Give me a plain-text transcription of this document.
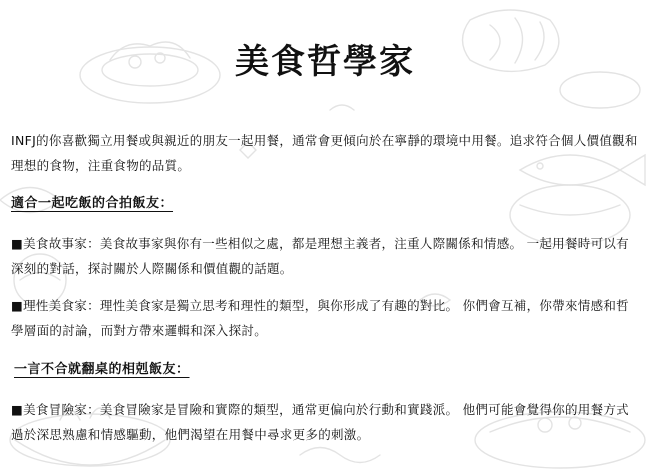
美食哲學家

INFJ的你喜歡獨立用餐或與親近的朋友一起用餐，通常會更傾向於在寧靜的環境中用餐。追求符合個人價值觀和理想的食物，注重食物的品質。

適合一起吃飯的合拍飯友：

■美食故事家：美食故事家與你有一些相似之處，都是理想主義者，注重人際關係和情感。 一起用餐時可以有深刻的對話，探討關於人際關係和價值觀的話題。

■理性美食家：理性美食家是獨立思考和理性的類型，與你形成了有趣的對比。 你們會互補，你帶來情感和哲學層面的討論，而對方帶來邏輯和深入探討。

一言不合就翻桌的相剋飯友：

■美食冒險家：美食冒險家是冒險和實際的類型，通常更偏向於行動和實踐派。 他們可能會覺得你的用餐方式過於深思熟慮和情感驅動，他們渴望在用餐中尋求更多的刺激。
